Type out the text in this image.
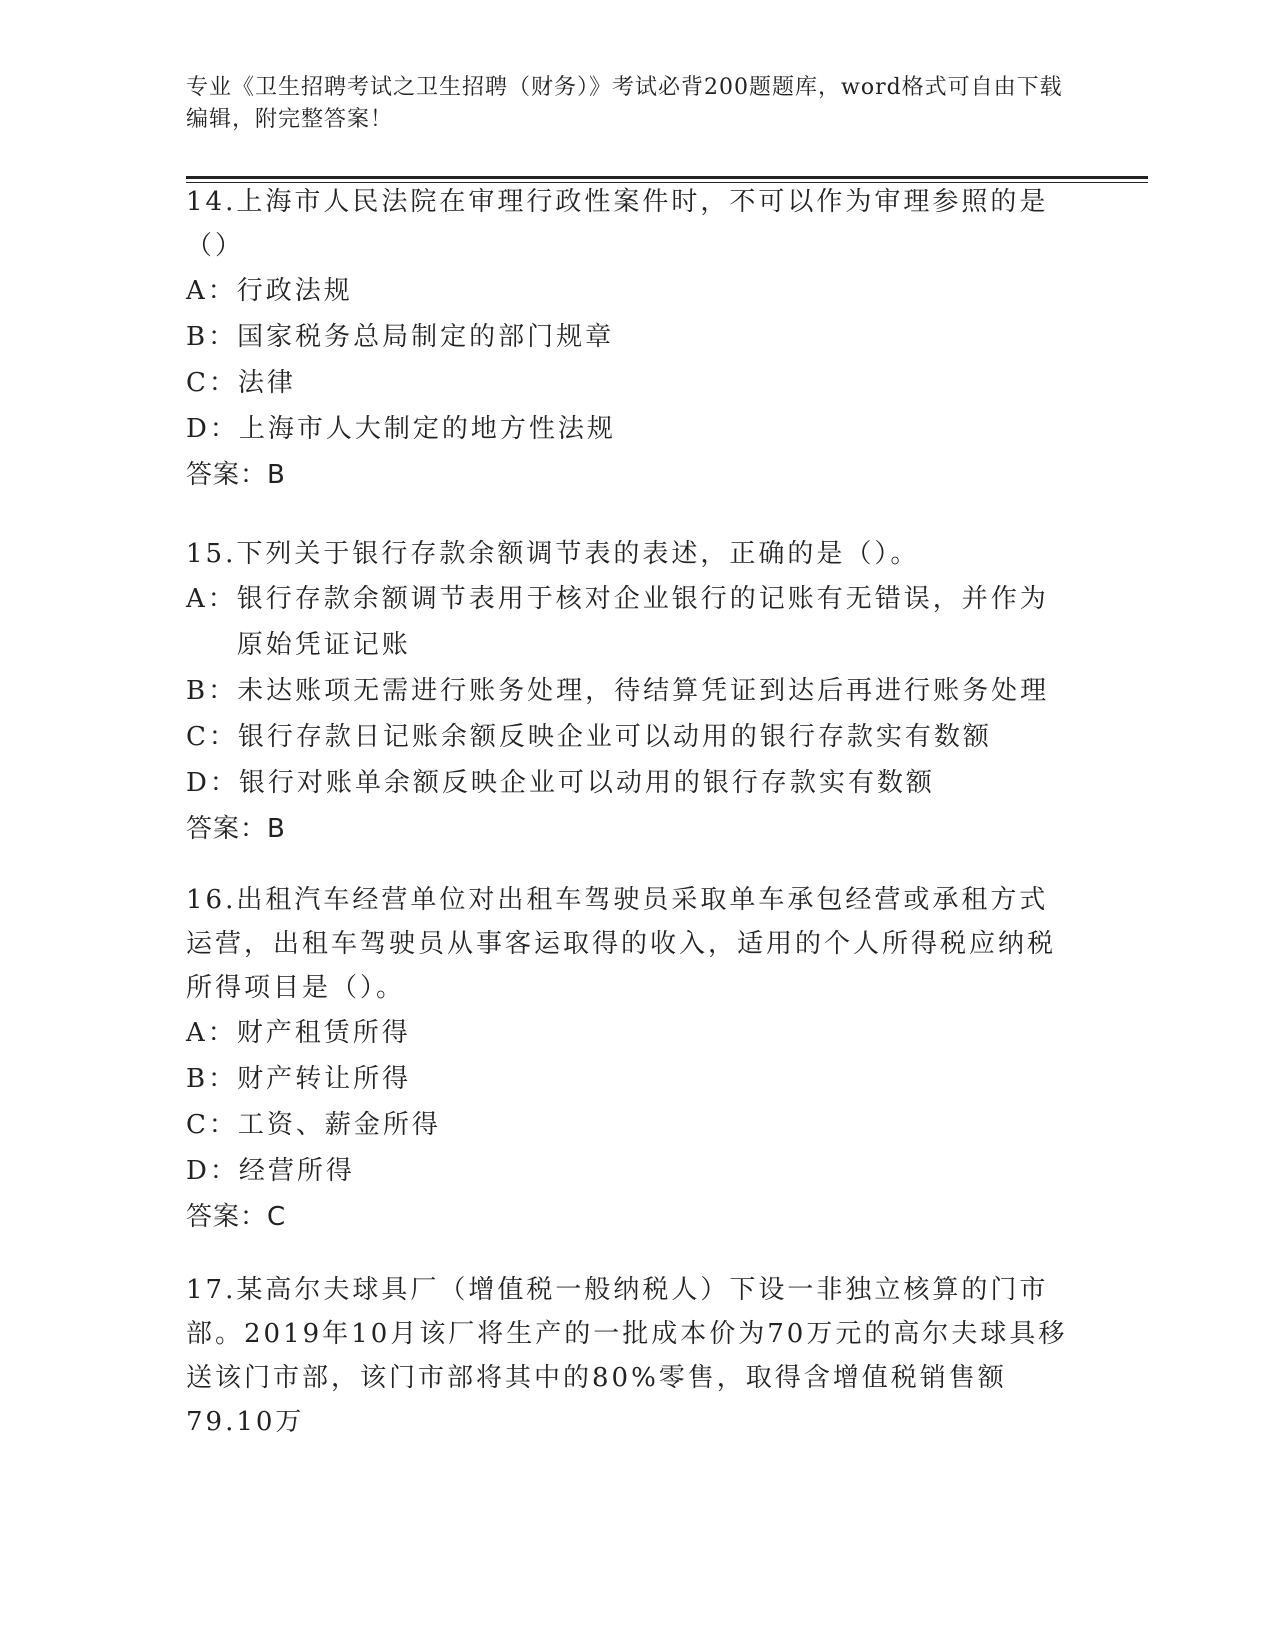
专业《卫生招聘考试之卫生招聘（财务）》考试必背200题题库，word格式可自由下载编辑，附完整答案！
14.上海市人民法院在审理行政性案件时，不可以作为审理参照的是（）
A： 行政法规
B： 国家税务总局制定的部门规章
C： 法律
D： 上海市人大制定的地方性法规
答案：B
15.下列关于银行存款余额调节表的表述，正确的是（）。
A： 银行存款余额调节表用于核对企业银行的记账有无错误，并作为原始凭证记账
B： 未达账项无需进行账务处理，待结算凭证到达后再进行账务处理
C： 银行存款日记账余额反映企业可以动用的银行存款实有数额
D： 银行对账单余额反映企业可以动用的银行存款实有数额
答案：B
16.出租汽车经营单位对出租车驾驶员采取单车承包经营或承租方式运营，出租车驾驶员从事客运取得的收入，适用的个人所得税应纳税所得项目是（）。
A： 财产租赁所得
B： 财产转让所得
C： 工资、薪金所得
D： 经营所得
答案：C
17.某高尔夫球具厂（增值税一般纳税人）下设一非独立核算的门市部。2019年10月该厂将生产的一批成本价为70万元的高尔夫球具移送该门市部，该门市部将其中的80%零售，取得含增值税销售额79.10万
